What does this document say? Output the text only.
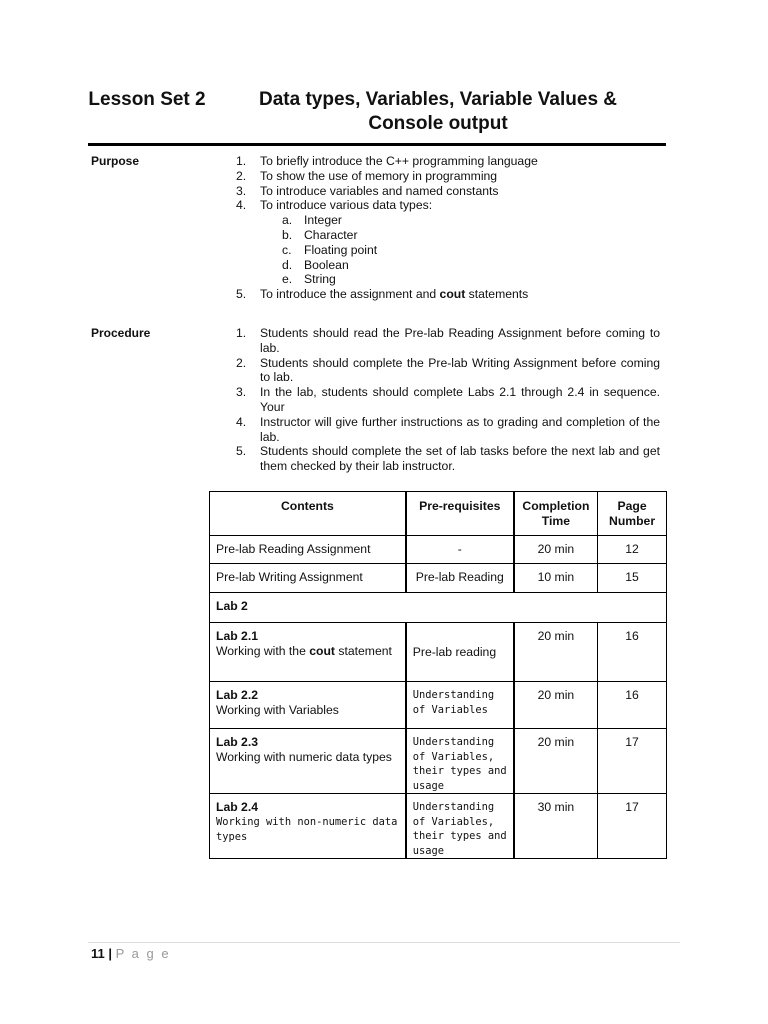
Lesson Set 2	Data types, Variables, Variable Values &
Console output
Purpose	1.	To briefly introduce the C++ programming language
2.	To show the use of memory in programming
3.	To introduce variables and named constants
4.	To introduce various data types:
a. Integer
b. Character
c.	Floating point
d. Boolean
e. String
5.	To introduce the assignment and cout statements
Procedure	1.	Students should read the Pre-lab Reading Assignment before coming to lab.
2.	Students should complete the Pre-lab Writing Assignment before coming to lab.
3.	In the lab, students should complete Labs 2.1 through 2.4 in sequence. Your
4.	Instructor will give further instructions as to grading and completion of the lab.
5.	Students should complete the set of lab tasks before the next lab and get them checked by their lab instructor.
Contents	Pre-requisites	Completion Time	Page Number
Pre-lab Reading Assignment	-	20 min	12
Pre-lab Writing Assignment	Pre-lab Reading	10 min	15
Lab 2			

Lab 2.1
Working with the cout statement	Pre-lab reading	20 min	16

Lab 2.2
Working with Variables	Understanding of Variables	20 min	16

Lab 2.3
Working with numeric data types	Understanding of Variables, their types and usage	20 min	17

Lab 2.4
Working with non-numeric data types	Understanding of Variables, their types and usage	30 min	17
11 | P a g e
